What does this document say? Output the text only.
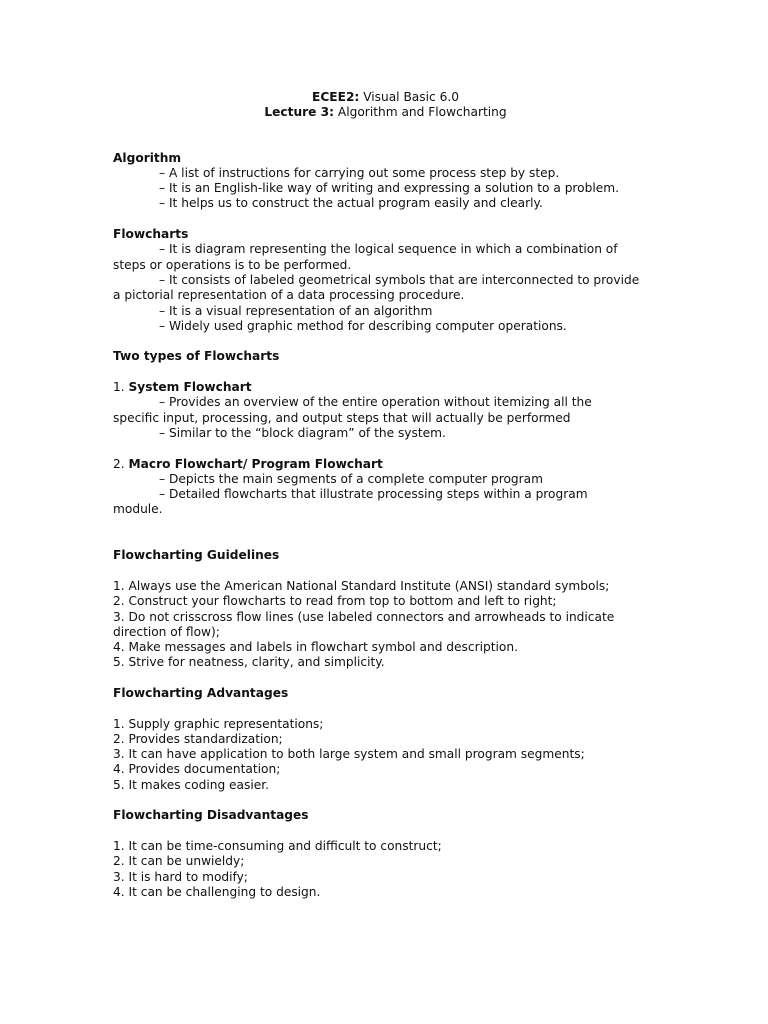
ECEE2: Visual Basic 6.0
Lecture 3: Algorithm and Flowcharting
Algorithm
– A list of instructions for carrying out some process step by step.
– It is an English-like way of writing and expressing a solution to a problem.
– It helps us to construct the actual program easily and clearly.
Flowcharts
– It is diagram representing the logical sequence in which a combination of
steps or operations is to be performed.
– It consists of labeled geometrical symbols that are interconnected to provide
a pictorial representation of a data processing procedure.
– It is a visual representation of an algorithm
– Widely used graphic method for describing computer operations.
Two types of Flowcharts
1. System Flowchart
– Provides an overview of the entire operation without itemizing all the
specific input, processing, and output steps that will actually be performed
– Similar to the “block diagram” of the system.
2. Macro Flowchart/ Program Flowchart
– Depicts the main segments of a complete computer program
– Detailed flowcharts that illustrate processing steps within a program
module.
Flowcharting Guidelines
1. Always use the American National Standard Institute (ANSI) standard symbols;
2. Construct your flowcharts to read from top to bottom and left to right;
3. Do not crisscross flow lines (use labeled connectors and arrowheads to indicate
direction of flow);
4. Make messages and labels in flowchart symbol and description.
5. Strive for neatness, clarity, and simplicity.
Flowcharting Advantages
1. Supply graphic representations;
2. Provides standardization;
3. It can have application to both large system and small program segments;
4. Provides documentation;
5. It makes coding easier.
Flowcharting Disadvantages
1. It can be time-consuming and difficult to construct;
2. It can be unwieldy;
3. It is hard to modify;
4. It can be challenging to design.
